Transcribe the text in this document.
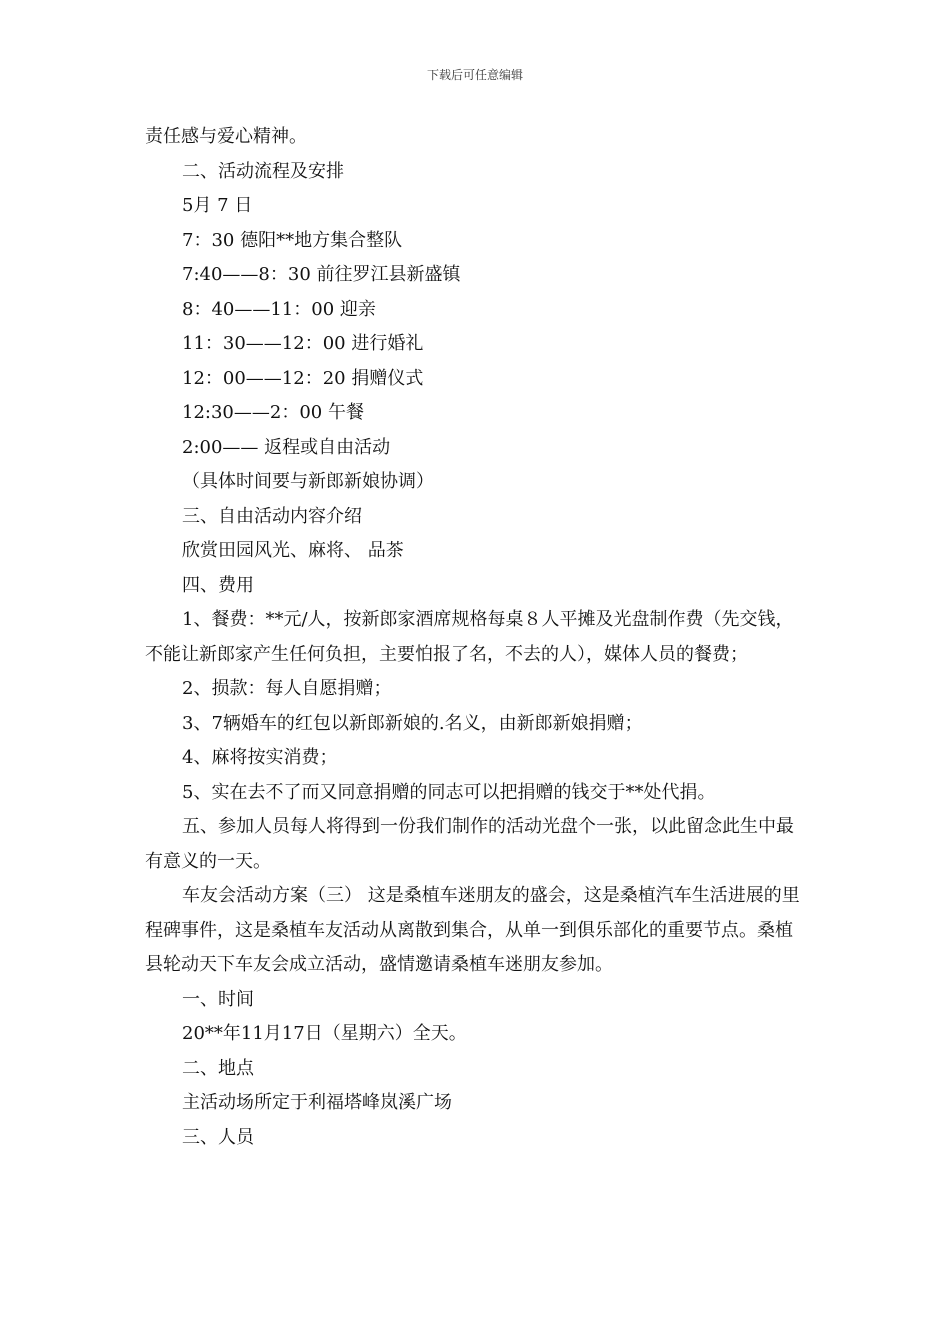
下载后可任意编辑

责任感与爱心精神。

二、活动流程及安排

5月 7 日

7：30 德阳**地方集合整队

7:40——8：30 前往罗江县新盛镇

8：40——11：00 迎亲

11：30——12：00 进行婚礼

12：00——12：20 捐赠仪式

12:30——2：00 午餐

2:00—— 返程或自由活动

（具体时间要与新郎新娘协调）

三、自由活动内容介绍

欣赏田园风光、麻将、 品茶

四、费用

1、餐费：**元/人，按新郎家酒席规格每桌８人平摊及光盘制作费（先交钱，不能让新郎家产生任何负担，主要怕报了名，不去的人），媒体人员的餐费；

2、损款：每人自愿捐赠；

3、7辆婚车的红包以新郎新娘的.名义，由新郎新娘捐赠；

4、麻将按实消费；

5、实在去不了而又同意捐赠的同志可以把捐赠的钱交于**处代捐。

五、参加人员每人将得到一份我们制作的活动光盘个一张，以此留念此生中最有意义的一天。

车友会活动方案（三） 这是桑植车迷朋友的盛会，这是桑植汽车生活进展的里程碑事件，这是桑植车友活动从离散到集合，从单一到俱乐部化的重要节点。桑植县轮动天下车友会成立活动，盛情邀请桑植车迷朋友参加。

一、时间

20**年11月17日（星期六）全天。

二、地点

主活动场所定于利福塔峰岚溪广场

三、人员
